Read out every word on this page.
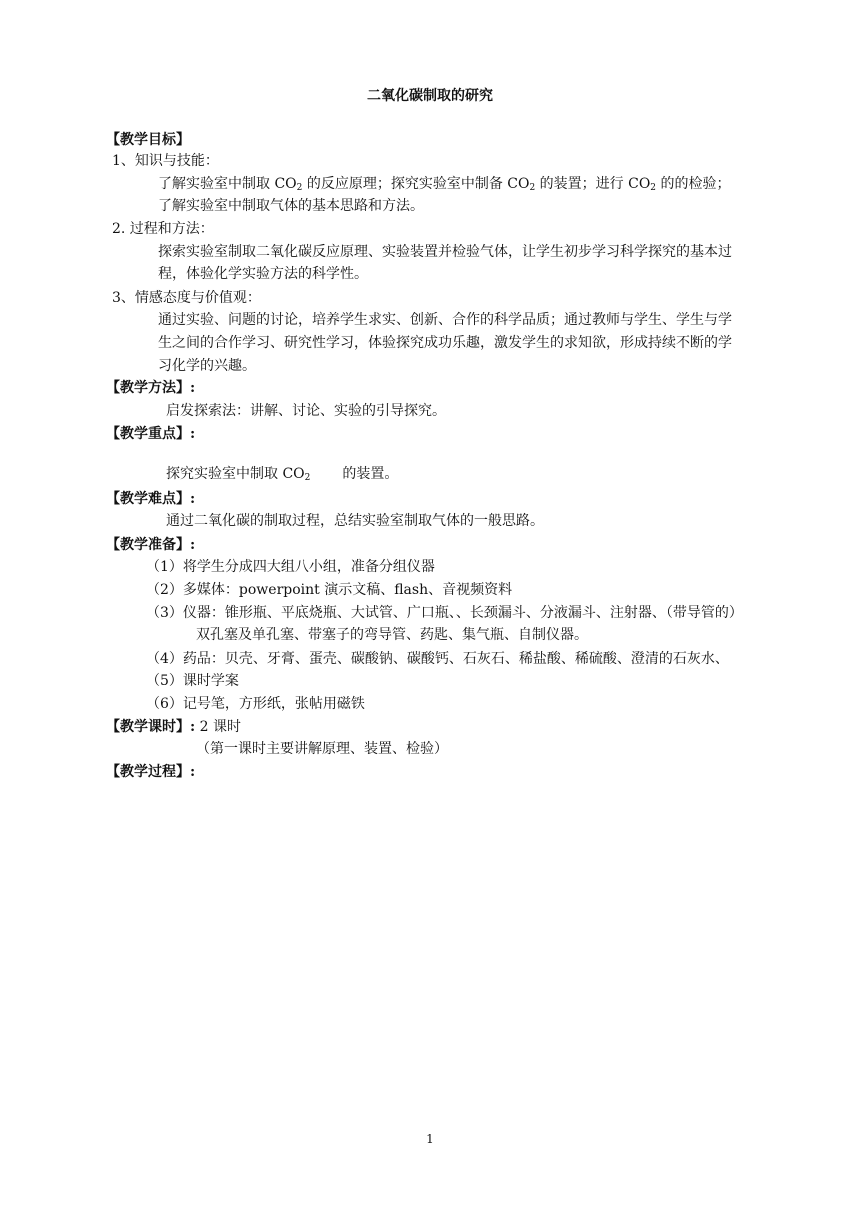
二氧化碳制取的研究
【教学目标】
1、知识与技能：
了解实验室中制取 $CO_2$ 的反应原理；探究实验室中制备 $CO_2$ 的装置；进行 $CO_2$ 的的检验；
了解实验室中制取气体的基本思路和方法。
2. 过程和方法：
探索实验室制取二氧化碳反应原理、实验装置并检验气体，让学生初步学习科学探究的基本过
程，体验化学实验方法的科学性。
3、情感态度与价值观：
通过实验、问题的讨论，培养学生求实、创新、合作的科学品质；通过教师与学生、学生与学
生之间的合作学习、研究性学习，体验探究成功乐趣，激发学生的求知欲，形成持续不断的学
习化学的兴趣。
【教学方法】:
启发探索法：讲解、讨论、实验的引导探究。
【教学重点】:
探究实验室中制取 $CO_2$ 的装置。
【教学难点】:
通过二氧化碳的制取过程，总结实验室制取气体的一般思路。
【教学准备】:
（1）将学生分成四大组八小组，准备分组仪器
（2）多媒体：powerpoint 演示文稿、flash、音视频资料
（3）仪器：锥形瓶、平底烧瓶、大试管、广口瓶、、长颈漏斗、分液漏斗、注射器、（带导管的）
双孔塞及单孔塞、带塞子的弯导管、药匙、集气瓶、自制仪器。
（4）药品：贝壳、牙膏、蛋壳、碳酸钠、碳酸钙、石灰石、稀盐酸、稀硫酸、澄清的石灰水、
（5）课时学案
（6）记号笔，方形纸，张帖用磁铁
【教学课时】: 2 课时
（第一课时主要讲解原理、装置、检验）
【教学过程】:
1
